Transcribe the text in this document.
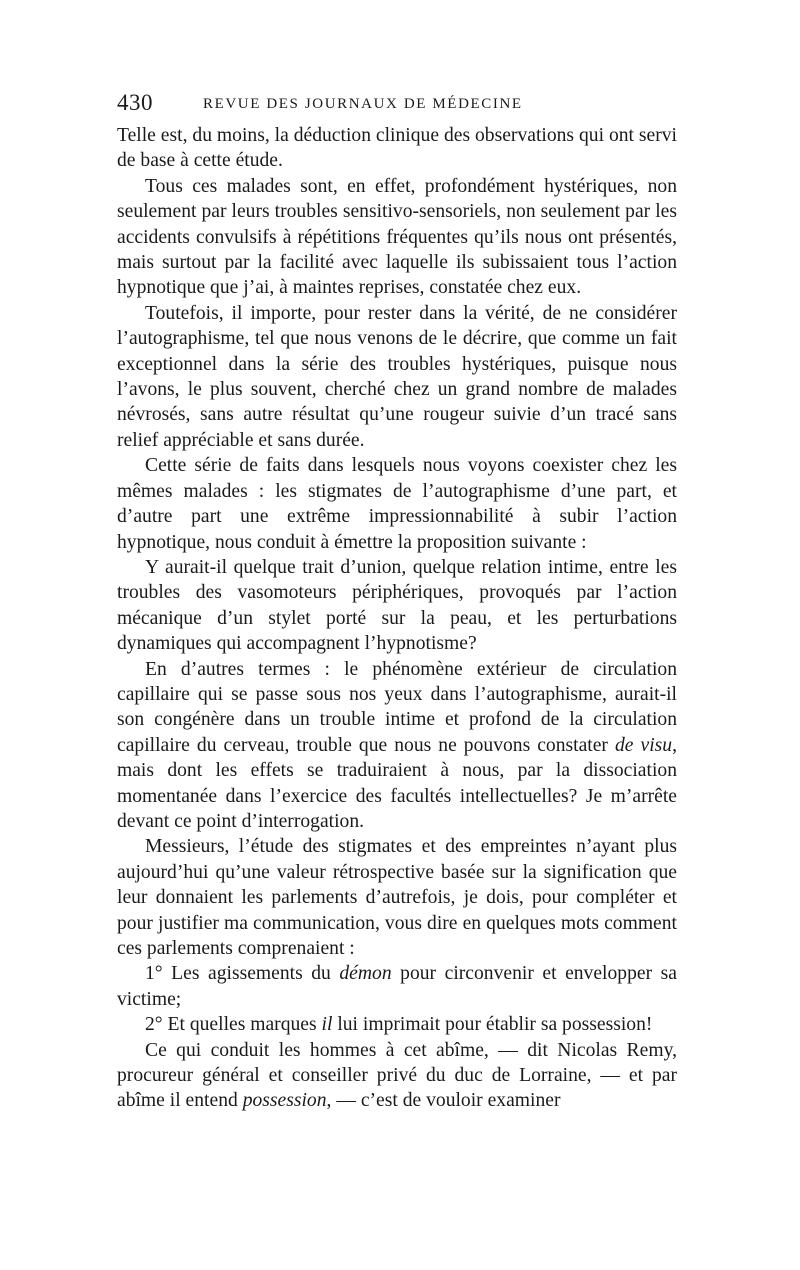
430	REVUE DES JOURNAUX DE MÉDECINE

Telle est, du moins, la déduction clinique des observations qui ont servi de base à cette étude.

Tous ces malades sont, en effet, profondément hystériques, non seulement par leurs troubles sensitivo-sensoriels, non seulement par les accidents convulsifs à répétitions fréquentes qu’ils nous ont présentés, mais surtout par la facilité avec laquelle ils subissaient tous l’action hypnotique que j’ai, à maintes reprises, constatée chez eux.

Toutefois, il importe, pour rester dans la vérité, de ne considérer l’autographisme, tel que nous venons de le décrire, que comme un fait exceptionnel dans la série des troubles hystériques, puisque nous l’avons, le plus souvent, cherché chez un grand nombre de malades névrosés, sans autre résultat qu’une rougeur suivie d’un tracé sans relief appréciable et sans durée.

Cette série de faits dans lesquels nous voyons coexister chez les mêmes malades : les stigmates de l’autographisme d’une part, et d’autre part une extrême impressionnabilité à subir l’action hypnotique, nous conduit à émettre la proposition suivante :

Y aurait-il quelque trait d’union, quelque relation intime, entre les troubles des vasomoteurs périphériques, provoqués par l’action mécanique d’un stylet porté sur la peau, et les perturbations dynamiques qui accompagnent l’hypnotisme?

En d’autres termes : le phénomène extérieur de circulation capillaire qui se passe sous nos yeux dans l’autographisme, aurait-il son congénère dans un trouble intime et profond de la circulation capillaire du cerveau, trouble que nous ne pouvons constater de visu, mais dont les effets se traduiraient à nous, par la dissociation momentanée dans l’exercice des facultés intellectuelles? Je m’arrête devant ce point d’interrogation.

Messieurs, l’étude des stigmates et des empreintes n’ayant plus aujourd’hui qu’une valeur rétrospective basée sur la signification que leur donnaient les parlements d’autrefois, je dois, pour compléter et pour justifier ma communication, vous dire en quelques mots comment ces parlements comprenaient :

1° Les agissements du démon pour circonvenir et envelopper sa victime;

2° Et quelles marques il lui imprimait pour établir sa possession!

Ce qui conduit les hommes à cet abîme, — dit Nicolas Remy, procureur général et conseiller privé du duc de Lorraine, — et par abîme il entend possession, — c’est de vouloir examiner
